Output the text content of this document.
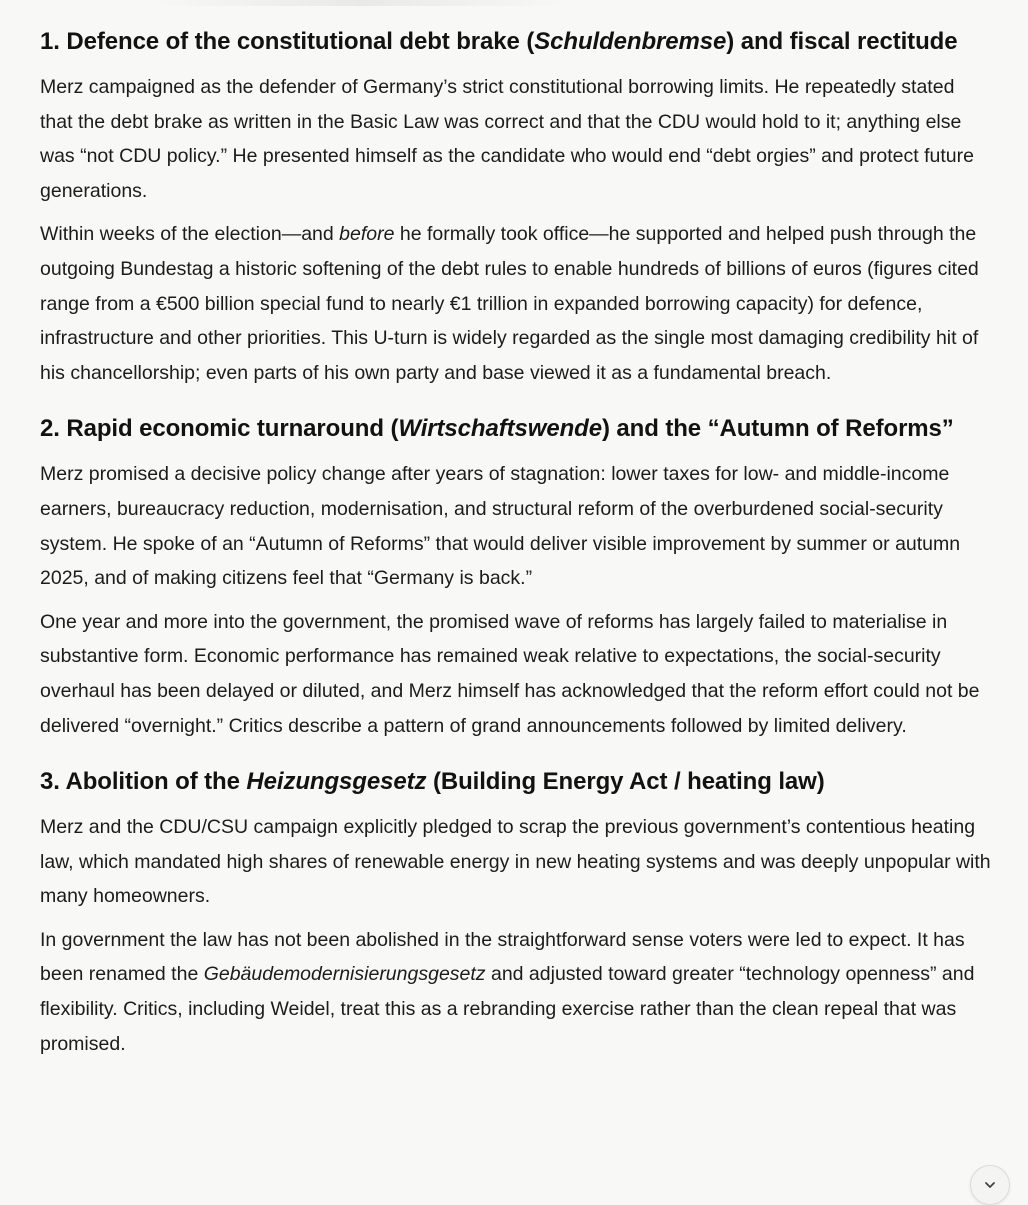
1. Defence of the constitutional debt brake (Schuldenbremse) and fiscal rectitude

Merz campaigned as the defender of Germany’s strict constitutional borrowing limits. He repeatedly stated that the debt brake as written in the Basic Law was correct and that the CDU would hold to it; anything else was “not CDU policy.” He presented himself as the candidate who would end “debt orgies” and protect future generations.

Within weeks of the election—and before he formally took office—he supported and helped push through the outgoing Bundestag a historic softening of the debt rules to enable hundreds of billions of euros (figures cited range from a €500 billion special fund to nearly €1 trillion in expanded borrowing capacity) for defence, infrastructure and other priorities. This U-turn is widely regarded as the single most damaging credibility hit of his chancellorship; even parts of his own party and base viewed it as a fundamental breach.

2. Rapid economic turnaround (Wirtschaftswende) and the “Autumn of Reforms”

Merz promised a decisive policy change after years of stagnation: lower taxes for low- and middle-income earners, bureaucracy reduction, modernisation, and structural reform of the overburdened social-security system. He spoke of an “Autumn of Reforms” that would deliver visible improvement by summer or autumn 2025, and of making citizens feel that “Germany is back.”

One year and more into the government, the promised wave of reforms has largely failed to materialise in substantive form. Economic performance has remained weak relative to expectations, the social-security overhaul has been delayed or diluted, and Merz himself has acknowledged that the reform effort could not be delivered “overnight.” Critics describe a pattern of grand announcements followed by limited delivery.

3. Abolition of the Heizungsgesetz (Building Energy Act / heating law)

Merz and the CDU/CSU campaign explicitly pledged to scrap the previous government’s contentious heating law, which mandated high shares of renewable energy in new heating systems and was deeply unpopular with many homeowners.

In government the law has not been abolished in the straightforward sense voters were led to expect. It has been renamed the Gebäudemodernisierungsgesetz and adjusted toward greater “technology openness” and flexibility. Critics, including Weidel, treat this as a rebranding exercise rather than the clean repeal that was promised.
